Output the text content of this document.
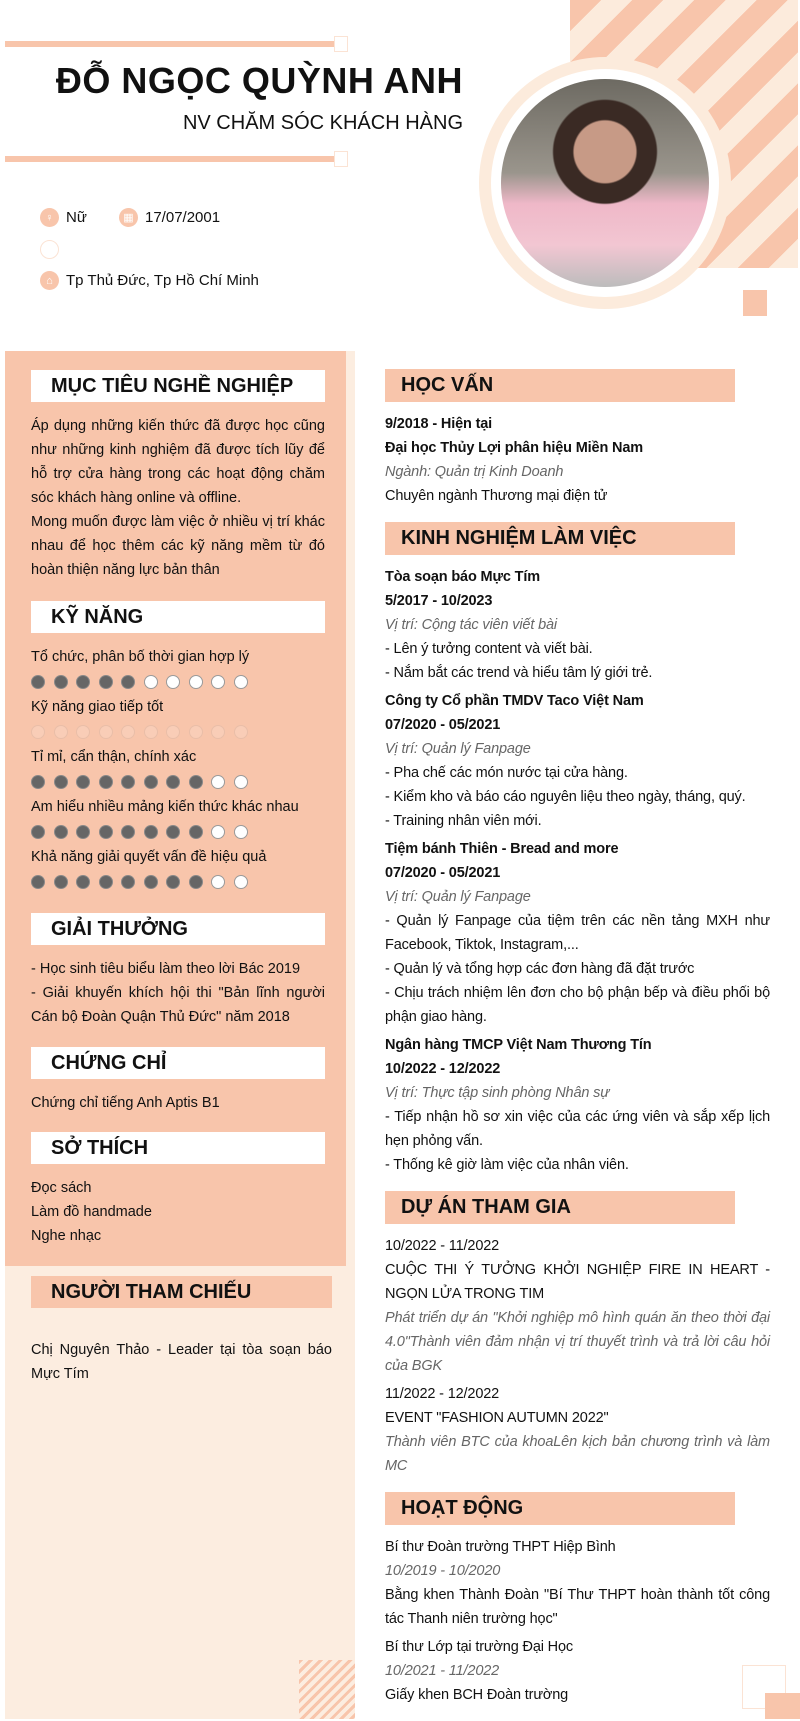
ĐỖ NGỌC QUỲNH ANH
NV CHĂM SÓC KHÁCH HÀNG
♀ Nữ	▦ 17/07/2001
⌂ Tp Thủ Đức, Tp Hồ Chí Minh
MỤC TIÊU NGHỀ NGHIỆP
Áp dụng những kiến thức đã được học cũng như những kinh nghiệm đã được tích lũy để hỗ trợ cửa hàng trong các hoạt động chăm sóc khách hàng online và offline.
Mong muốn được làm việc ở nhiều vị trí khác nhau để học thêm các kỹ năng mềm từ đó hoàn thiện năng lực bản thân
KỸ NĂNG
Tổ chức, phân bố thời gian hợp lý
Kỹ năng giao tiếp tốt
Tỉ mỉ, cẩn thận, chính xác
Am hiểu nhiều mảng kiến thức khác nhau
Khả năng giải quyết vấn đề hiệu quả
GIẢI THƯỞNG
- Học sinh tiêu biểu làm theo lời Bác 2019
- Giải khuyến khích hội thi "Bản lĩnh người Cán bộ Đoàn Quận Thủ Đức" năm 2018
CHỨNG CHỈ
Chứng chỉ tiếng Anh Aptis B1
SỞ THÍCH
Đọc sách
Làm đồ handmade
Nghe nhạc
NGƯỜI THAM CHIẾU
Chị Nguyên Thảo - Leader tại tòa soạn báo Mực Tím
HỌC VẤN
9/2018 - Hiện tại
Đại học Thủy Lợi phân hiệu Miền Nam
Ngành: Quản trị Kinh Doanh
Chuyên ngành Thương mại điện tử
KINH NGHIỆM LÀM VIỆC
Tòa soạn báo Mực Tím
5/2017 - 10/2023
Vị trí: Cộng tác viên viết bài
- Lên ý tưởng content và viết bài.
- Nắm bắt các trend và hiểu tâm lý giới trẻ.
Công ty Cổ phần TMDV Taco Việt Nam
07/2020 - 05/2021
Vị trí: Quản lý Fanpage
- Pha chế các món nước tại cửa hàng.
- Kiểm kho và báo cáo nguyên liệu theo ngày, tháng, quý.
- Training nhân viên mới.
Tiệm bánh Thiên - Bread and more
07/2020 - 05/2021
Vị trí: Quản lý Fanpage
- Quản lý Fanpage của tiệm trên các nền tảng MXH như Facebook, Tiktok, Instagram,...
- Quản lý và tổng hợp các đơn hàng đã đặt trước
- Chịu trách nhiệm lên đơn cho bộ phận bếp và điều phối bộ phận giao hàng.
Ngân hàng TMCP Việt Nam Thương Tín
10/2022 - 12/2022
Vị trí: Thực tập sinh phòng Nhân sự
- Tiếp nhận hồ sơ xin việc của các ứng viên và sắp xếp lịch hẹn phỏng vấn.
- Thống kê giờ làm việc của nhân viên.
DỰ ÁN THAM GIA
10/2022 - 11/2022
CUỘC THI Ý TƯỞNG KHỞI NGHIỆP FIRE IN HEART - NGỌN LỬA TRONG TIM
Phát triển dự án "Khởi nghiệp mô hình quán ăn theo thời đại 4.0"Thành viên đảm nhận vị trí thuyết trình và trả lời câu hỏi của BGK
11/2022 - 12/2022
EVENT "FASHION AUTUMN 2022"
Thành viên BTC của khoaLên kịch bản chương trình và làm MC
HOẠT ĐỘNG
Bí thư Đoàn trường THPT Hiệp Bình
10/2019 - 10/2020
Bằng khen Thành Đoàn "Bí Thư THPT hoàn thành tốt công tác Thanh niên trường học"
Bí thư Lớp tại trường Đại Học
10/2021 - 11/2022
Giấy khen BCH Đoàn trường
